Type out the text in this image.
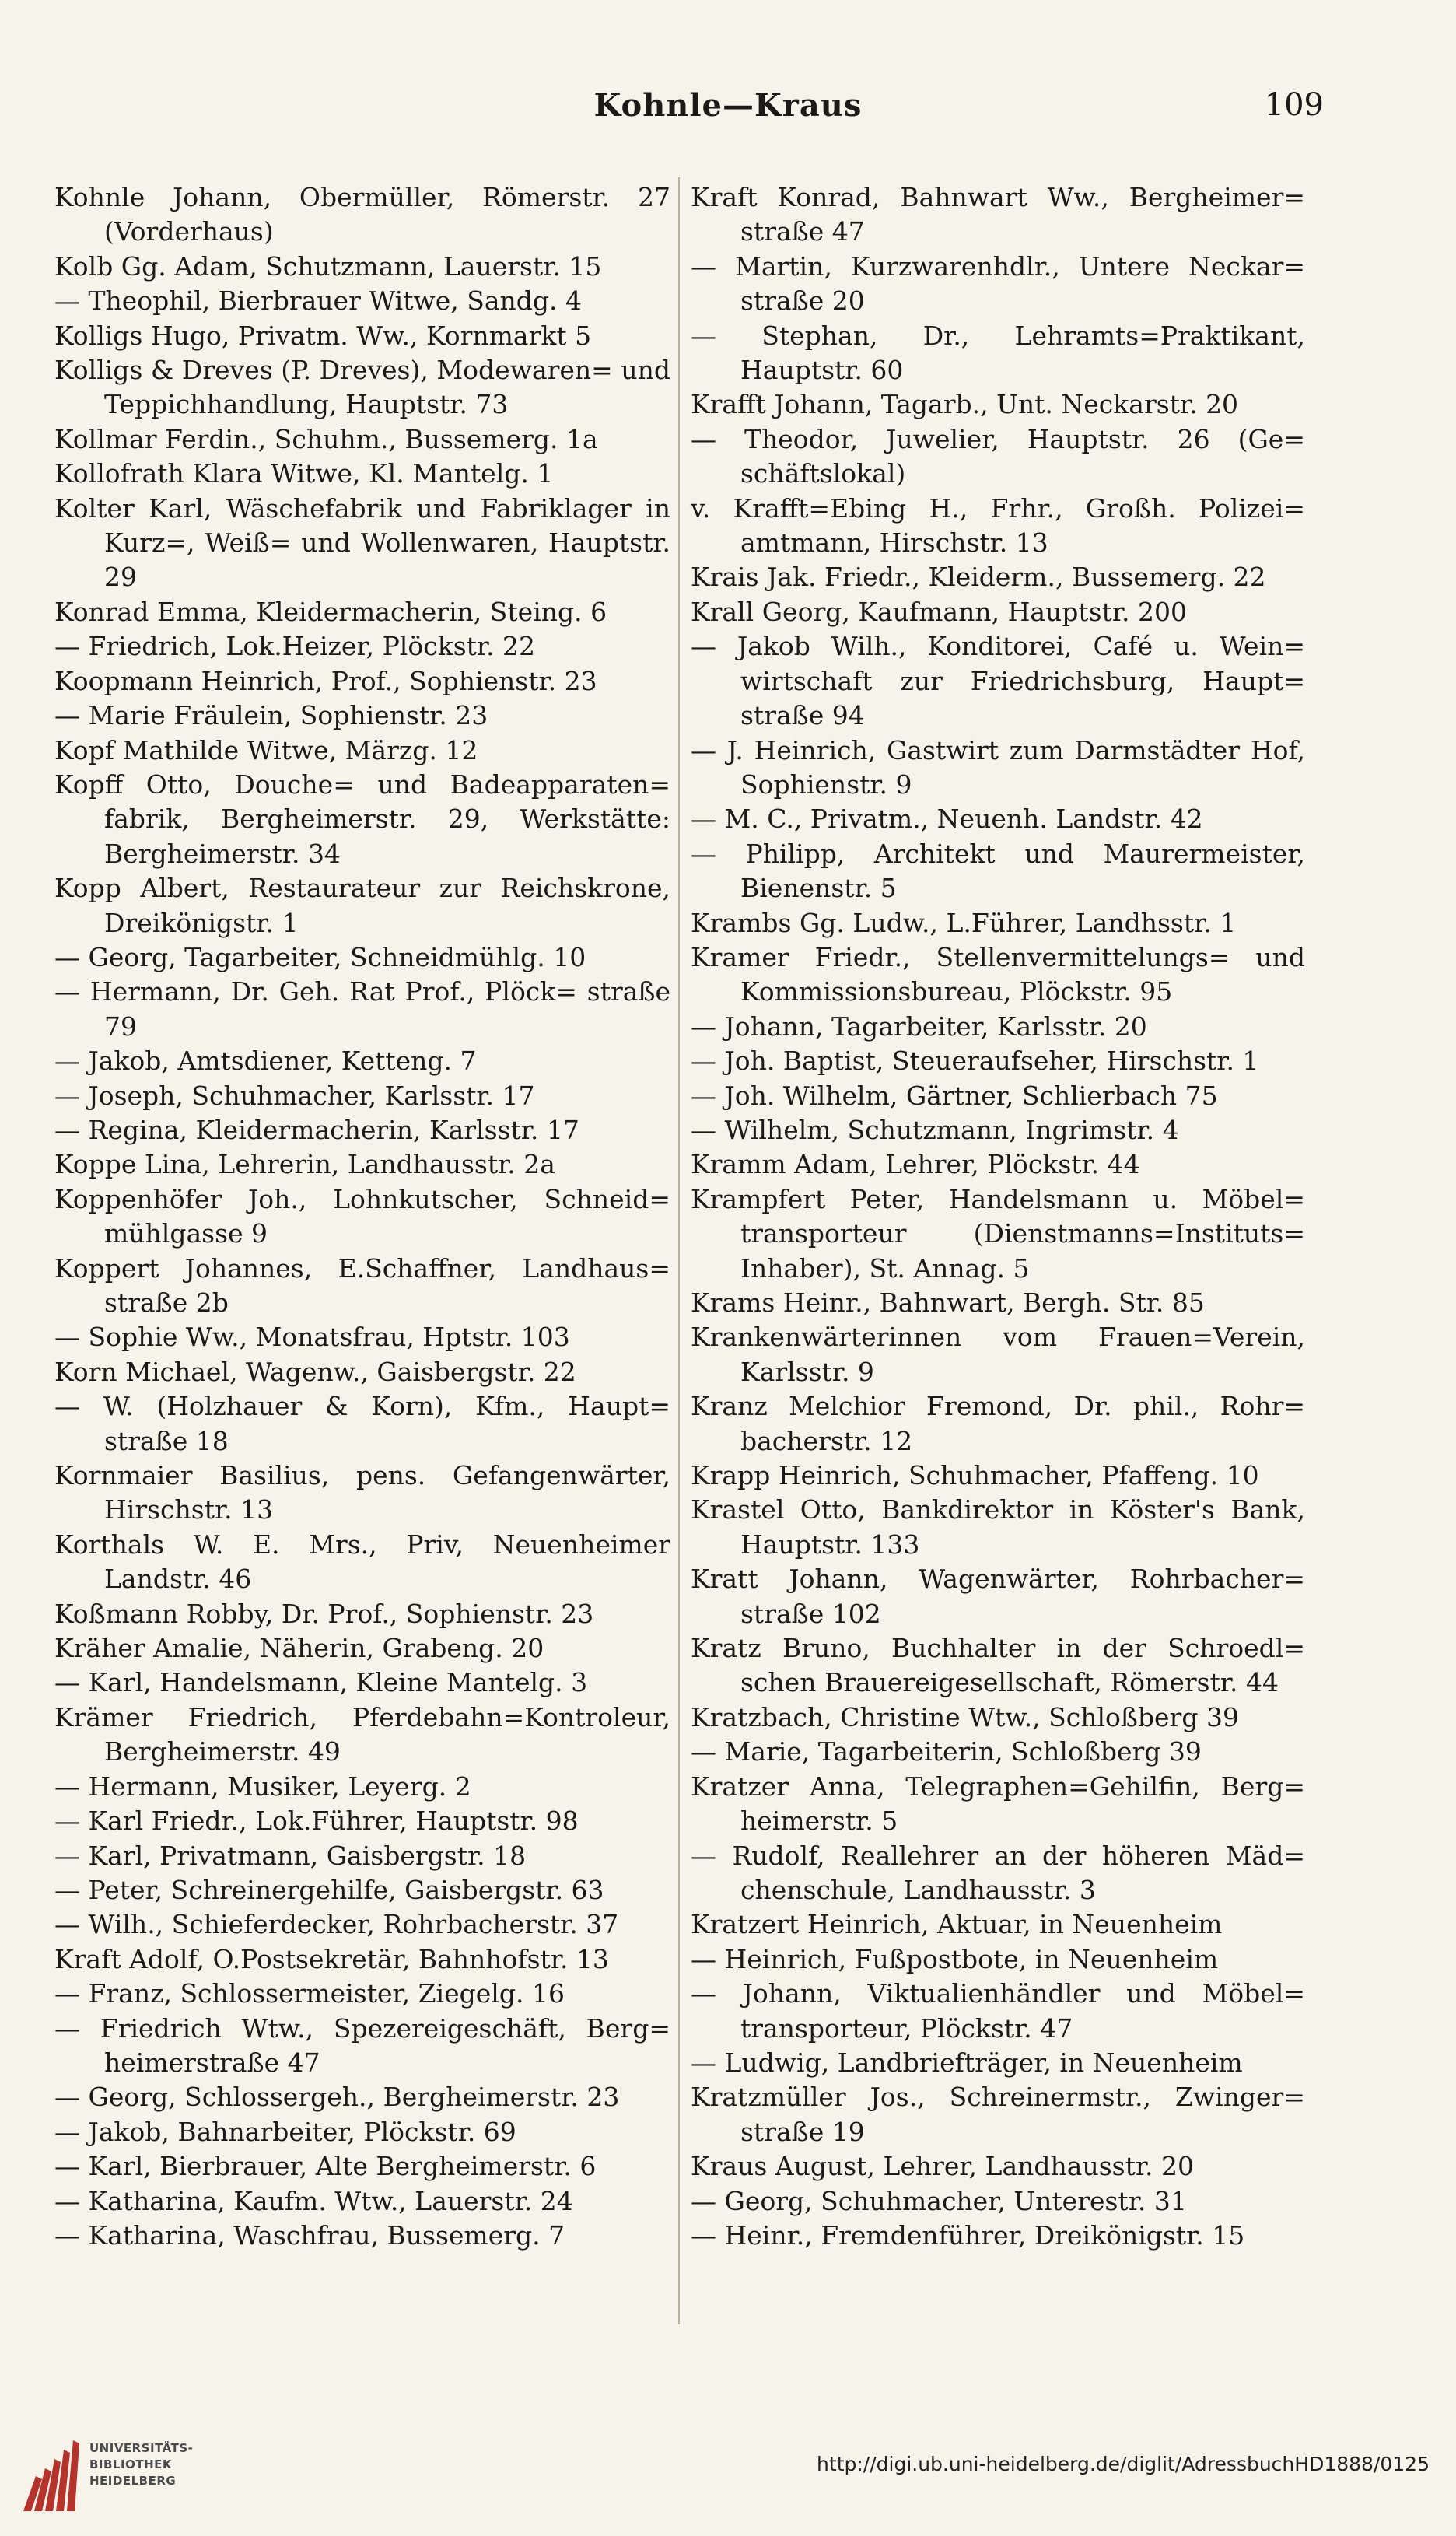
Kohnle—Kraus	109
Kohnle Johann, Obermüller, Römerstr. 27 (Vorderhaus)
Kolb Gg. Adam, Schutzmann, Lauerstr. 15
— Theophil, Bierbrauer Witwe, Sandg. 4
Kolligs Hugo, Privatm. Ww., Kornmarkt 5
Kolligs & Dreves (P. Dreves), Modewaren= und Teppichhandlung, Hauptstr. 73
Kollmar Ferdin., Schuhm., Bussemerg. 1a
Kollofrath Klara Witwe, Kl. Mantelg. 1
Kolter Karl, Wäschefabrik und Fabriklager in Kurz=, Weiß= und Wollenwaren, Hauptstr. 29
Konrad Emma, Kleidermacherin, Steing. 6
— Friedrich, Lok.Heizer, Plöckstr. 22
Koopmann Heinrich, Prof., Sophienstr. 23
— Marie Fräulein, Sophienstr. 23
Kopf Mathilde Witwe, Märzg. 12
Kopff Otto, Douche= und Badeapparaten= fabrik, Bergheimerstr. 29, Werkstätte: Bergheimerstr. 34
Kopp Albert, Restaurateur zur Reichskrone, Dreikönigstr. 1
— Georg, Tagarbeiter, Schneidmühlg. 10
— Hermann, Dr. Geh. Rat Prof., Plöck= straße 79
— Jakob, Amtsdiener, Ketteng. 7
— Joseph, Schuhmacher, Karlsstr. 17
— Regina, Kleidermacherin, Karlsstr. 17
Koppe Lina, Lehrerin, Landhausstr. 2a
Koppenhöfer Joh., Lohnkutscher, Schneid= mühlgasse 9
Koppert Johannes, E.Schaffner, Landhaus= straße 2b
— Sophie Ww., Monatsfrau, Hptstr. 103
Korn Michael, Wagenw., Gaisbergstr. 22
— W. (Holzhauer & Korn), Kfm., Haupt= straße 18
Kornmaier Basilius, pens. Gefangenwärter, Hirschstr. 13
Korthals W. E. Mrs., Priv, Neuenheimer Landstr. 46
Koßmann Robby, Dr. Prof., Sophienstr. 23
Kräher Amalie, Näherin, Grabeng. 20
— Karl, Handelsmann, Kleine Mantelg. 3
Krämer Friedrich, Pferdebahn=Kontroleur, Bergheimerstr. 49
— Hermann, Musiker, Leyerg. 2
— Karl Friedr., Lok.Führer, Hauptstr. 98
— Karl, Privatmann, Gaisbergstr. 18
— Peter, Schreinergehilfe, Gaisbergstr. 63
— Wilh., Schieferdecker, Rohrbacherstr. 37
Kraft Adolf, O.Postsekretär, Bahnhofstr. 13
— Franz, Schlossermeister, Ziegelg. 16
— Friedrich Wtw., Spezereigeschäft, Berg= heimerstraße 47
— Georg, Schlossergeh., Bergheimerstr. 23
— Jakob, Bahnarbeiter, Plöckstr. 69
— Karl, Bierbrauer, Alte Bergheimerstr. 6
— Katharina, Kaufm. Wtw., Lauerstr. 24
— Katharina, Waschfrau, Bussemerg. 7
Kraft Konrad, Bahnwart Ww., Bergheimer= straße 47
— Martin, Kurzwarenhdlr., Untere Neckar= straße 20
— Stephan, Dr., Lehramts=Praktikant, Hauptstr. 60
Krafft Johann, Tagarb., Unt. Neckarstr. 20
— Theodor, Juwelier, Hauptstr. 26 (Ge= schäftslokal)
v. Krafft=Ebing H., Frhr., Großh. Polizei= amtmann, Hirschstr. 13
Krais Jak. Friedr., Kleiderm., Bussemerg. 22
Krall Georg, Kaufmann, Hauptstr. 200
— Jakob Wilh., Konditorei, Café u. Wein= wirtschaft zur Friedrichsburg, Haupt= straße 94
— J. Heinrich, Gastwirt zum Darmstädter Hof, Sophienstr. 9
— M. C., Privatm., Neuenh. Landstr. 42
— Philipp, Architekt und Maurermeister, Bienenstr. 5
Krambs Gg. Ludw., L.Führer, Landhsstr. 1
Kramer Friedr., Stellenvermittelungs= und Kommissionsbureau, Plöckstr. 95
— Johann, Tagarbeiter, Karlsstr. 20
— Joh. Baptist, Steueraufseher, Hirschstr. 1
— Joh. Wilhelm, Gärtner, Schlierbach 75
— Wilhelm, Schutzmann, Ingrimstr. 4
Kramm Adam, Lehrer, Plöckstr. 44
Krampfert Peter, Handelsmann u. Möbel= transporteur (Dienstmanns=Instituts= Inhaber), St. Annag. 5
Krams Heinr., Bahnwart, Bergh. Str. 85
Krankenwärterinnen vom Frauen=Verein, Karlsstr. 9
Kranz Melchior Fremond, Dr. phil., Rohr= bacherstr. 12
Krapp Heinrich, Schuhmacher, Pfaffeng. 10
Krastel Otto, Bankdirektor in Köster's Bank, Hauptstr. 133
Kratt Johann, Wagenwärter, Rohrbacher= straße 102
Kratz Bruno, Buchhalter in der Schroedl= schen Brauereigesellschaft, Römerstr. 44
Kratzbach, Christine Wtw., Schloßberg 39
— Marie, Tagarbeiterin, Schloßberg 39
Kratzer Anna, Telegraphen=Gehilfin, Berg= heimerstr. 5
— Rudolf, Reallehrer an der höheren Mäd= chenschule, Landhausstr. 3
Kratzert Heinrich, Aktuar, in Neuenheim
— Heinrich, Fußpostbote, in Neuenheim
— Johann, Viktualienhändler und Möbel= transporteur, Plöckstr. 47
— Ludwig, Landbriefträger, in Neuenheim
Kratzmüller Jos., Schreinermstr., Zwinger= straße 19
Kraus August, Lehrer, Landhausstr. 20
— Georg, Schuhmacher, Unterestr. 31
— Heinr., Fremdenführer, Dreikönigstr. 15
UNIVERSITÄTS-
BIBLIOTHEK
HEIDELBERG
http://digi.ub.uni-heidelberg.de/diglit/AdressbuchHD1888/0125
